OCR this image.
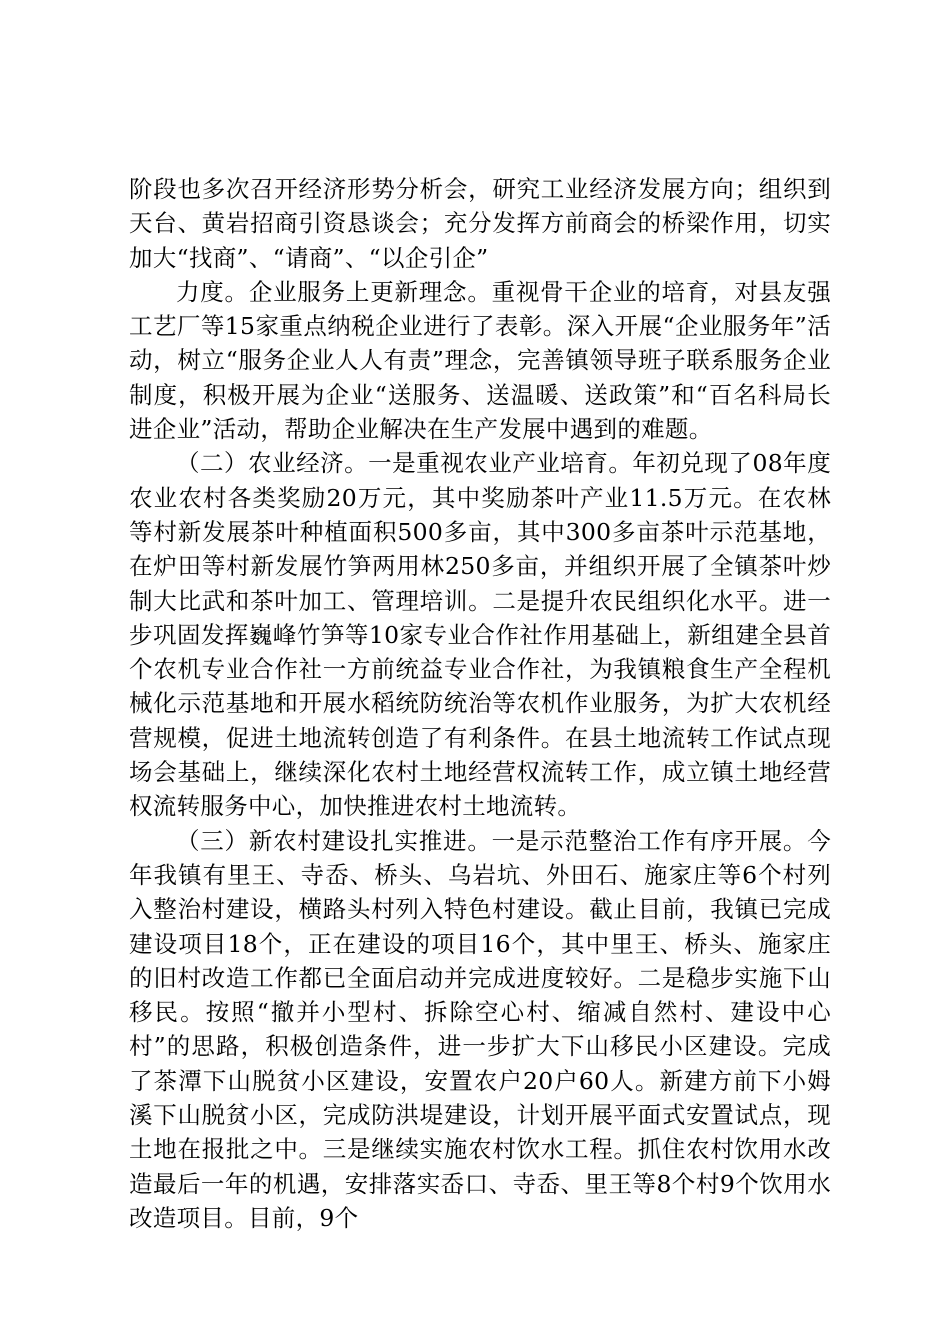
阶段也多次召开经济形势分析会，研究工业经济发展方向；组织到天台、黄岩招商引资恳谈会；充分发挥方前商会的桥梁作用，切实加大“找商”、“请商”、“以企引企”

力度。企业服务上更新理念。重视骨干企业的培育，对县友强工艺厂等15家重点纳税企业进行了表彰。深入开展“企业服务年”活动，树立“服务企业人人有责”理念，完善镇领导班子联系服务企业制度，积极开展为企业“送服务、送温暖、送政策”和“百名科局长进企业”活动，帮助企业解决在生产发展中遇到的难题。

（二）农业经济。一是重视农业产业培育。年初兑现了08年度农业农村各类奖励20万元，其中奖励茶叶产业11.5万元。在农林等村新发展茶叶种植面积500多亩，其中300多亩茶叶示范基地，在炉田等村新发展竹笋两用林250多亩，并组织开展了全镇茶叶炒制大比武和茶叶加工、管理培训。二是提升农民组织化水平。进一步巩固发挥巍峰竹笋等10家专业合作社作用基础上，新组建全县首个农机专业合作社一方前统益专业合作社，为我镇粮食生产全程机械化示范基地和开展水稻统防统治等农机作业服务，为扩大农机经营规模，促进土地流转创造了有利条件。在县土地流转工作试点现场会基础上，继续深化农村土地经营权流转工作，成立镇土地经营权流转服务中心，加快推进农村土地流转。

（三）新农村建设扎实推进。一是示范整治工作有序开展。今年我镇有里王、寺岙、桥头、乌岩坑、外田石、施家庄等6个村列入整治村建设，横路头村列入特色村建设。截止目前，我镇已完成建设项目18个，正在建设的项目16个，其中里王、桥头、施家庄的旧村改造工作都已全面启动并完成进度较好。二是稳步实施下山移民。按照“撤并小型村、拆除空心村、缩减自然村、建设中心村”的思路，积极创造条件，进一步扩大下山移民小区建设。完成了茶潭下山脱贫小区建设，安置农户20户60人。新建方前下小姆溪下山脱贫小区，完成防洪堤建设，计划开展平面式安置试点，现土地在报批之中。三是继续实施农村饮水工程。抓住农村饮用水改造最后一年的机遇，安排落实岙口、寺岙、里王等8个村9个饮用水改造项目。目前，9个
